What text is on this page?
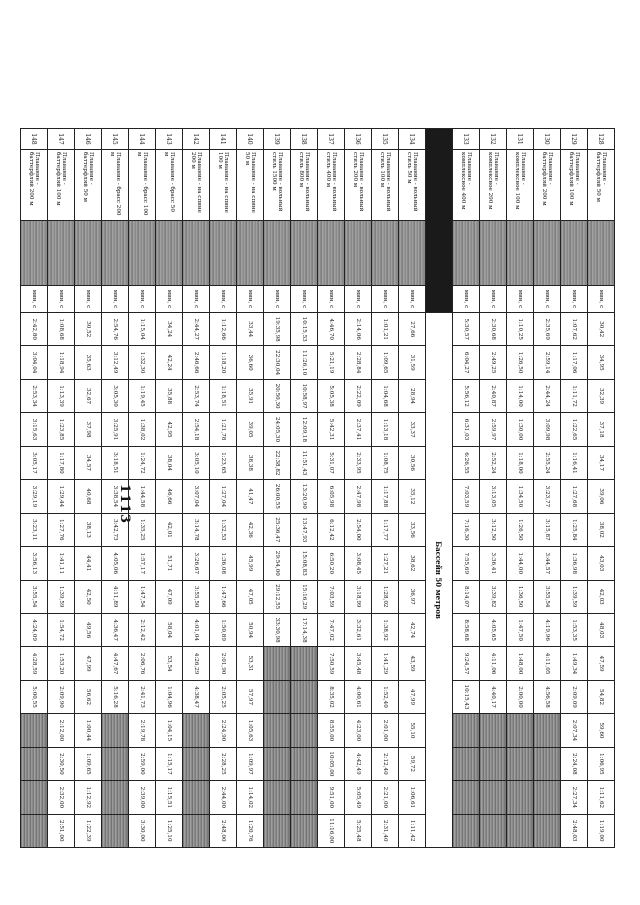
1113
128	Плавание - баттерфляй 50 м		мин, с	30,42	34,95	32,39	37,18	34,17	39,06	38,02	43,03	42,03	48,03	47,59	54,82	59,60	1:06,95	1:11,62	1:19,00
129	Плавание - баттерфляй 100 м		мин, с	1:07,62	1:17,06	1:11,72	1:22,65	1:16,41	1:27,68	1:25,84	1:36,98	1:39,59	1:53,35	1:49,34	2:09,09	2:07,34	2:24,08	2:27,34	2:48,03
130	Плавание - баттерфляй 200 м		мин, с	2:35,69	2:59,14	2:44,24	3:09,98	2:55,24	3:23,77	3:15,87	3:44,57	3:55,54	4:19,96	4:11,05	4:56,58				
131	Плавание - комплексное 100 м		мин, с	1:10,25	1:26,50	1:14,00	1:30,00	1:18,00	1:34,50	1:26,50	1:44,00	1:36,50	1:47,50	1:48,00	2:00,00				
132	Плавание - комплексное 200 м		мин, с	2:30,68	2:49,25	2:40,87	2:59,97	2:52,24	3:13,05	3:12,50	3:36,41	3:39,82	4:05,65	4:11,06	4:40,17				
133	Плавание - комплексное 400 м		мин, с	5:30,57	6:04,27	5:56,12	6:31,03	6:26,55	7:03,59	7:16,30	7:55,69	8:14,07	8:58,68	9:24,57	10:15,43				
				Бассейн 50 метров															
134	Плавание - вольный стиль 50 м		мин, с	27,66	31,59	28,94	33,37	30,56	35,12	33,56	38,62	36,97	42,74	43,59	47,99	55,10	59,72	1:06,61	1:11,42
135	Плавание - вольный стиль 100 м		мин, с	1:01,21	1:09,65	1:04,68	1:13,18	1:08,75	1:17,88	1:17,77	1:27,21	1:28,02	1:38,92	1:41,29	1:52,40	2:01,00	2:12,40	2:21,00	2:31,40
136	Плавание - вольный стиль 200 м		мин, с	2:14,06	2:28,84	2:22,09	2:37,41	2:33,95	2:47,98	2:54,00	3:08,45	3:18,99	3:32,61	3:45,48	4:00,61	4:23,00	4:42,49	5:05,49	5:25,48
137	Плавание - вольный стиль 400 м		мин, с	4:46,70	5:21,19	5:05,38	5:42,31	5:31,07	6:05,98	6:12,42	6:50,20	7:03,59	7:47,02	7:50,59	8:35,02	8:55,00	10:05,00	9:51,00	11:16,00
138	Плавание - вольный стиль 800 м		мин, с	10:15,53	11:26,10	10:58,97	12:09,18	11:51,43	13:20,90	13:47,93	15:08,83	15:16,29	17:14,38						
139	Плавание - вольный стиль 1500 м		мин, с	19:35,98	22:30,04	20:50,30	24:05,30	22:38,82	26:00,55	25:36,47	29:54,00	29:12,55	33:30,98						
140	Плавание - на спине 50 м		мин, с	33,44	36,60	35,91	39,05	38,38	41,47	42,36	45,99	47,05	50,94	53,31	57,97	1:05,63	1:09,97	1:14,02	1:20,76
141	Плавание - на спине 100 м		мин, с	1:12,66	1:18,20	1:18,51	1:21,78	1:23,65	1:27,04	1:32,53	1:36,08	1:47,66	1:50,89	2:01,90	2:05,25	2:24,90	2:28,25	2:44,00	2:48,00
142	Плавание - на спине 200 м		мин, с	2:44,27	2:46,66	2:53,74	2:54,18	3:05,10	3:07,04	3:14,78	3:26,67	3:55,50	4:01,04	4:26,29	4:38,47				
143	Плавание - брасс 50 м		мин, с	34,24	42,24	35,88	42,95	38,04	46,66	42,01	51,71	47,09	58,04	53,54	1:04,96	1:04,15	1:15,17	1:15,51	1:25,10
144	Плавание - брасс 100 м		мин, с	1:15,04	1:32,30	1:19,45	1:38,02	1:24,72	1:44,58	1:35,25	1:57,17	1:47,54	2:12,42	2:06,76	2:41,73	2:19,78	2:59,00	2:39,00	3:30,00
145	Плавание - брасс 200 м		мин, с	2:54,76	3:12,49	3:05,30	3:25,91	3:18,51	3:38,54	3:42,73	4:05,06	4:11,89	4:36,47	4:47,67	5:16,28				
146	Плавание - баттерфляй 50 м		мин, с	30,52	35,63	32,67	37,98	34,57	40,68	38,13	44,41	42,50	49,56	47,99	56,62	1:00,44	1:09,65	1:12,92	1:22,39
147	Плавание - баттерфляй 100 м		мин, с	1:08,68	1:18,94	1:13,39	1:23,85	1:17,80	1:29,44	1:27,76	1:41,11	1:39,59	1:54,72	1:53,20	2:09,90	2:12,00	2:30,50	2:32,00	2:51,00
148	Плавание - баттерфляй 200 м		мин, с	2:42,80	3:04,04	2:53,34	3:15,63	3:05,17	3:29,19	3:23,11	3:56,13	3:55,54	4:24,09	4:28,59	5:00,55				
